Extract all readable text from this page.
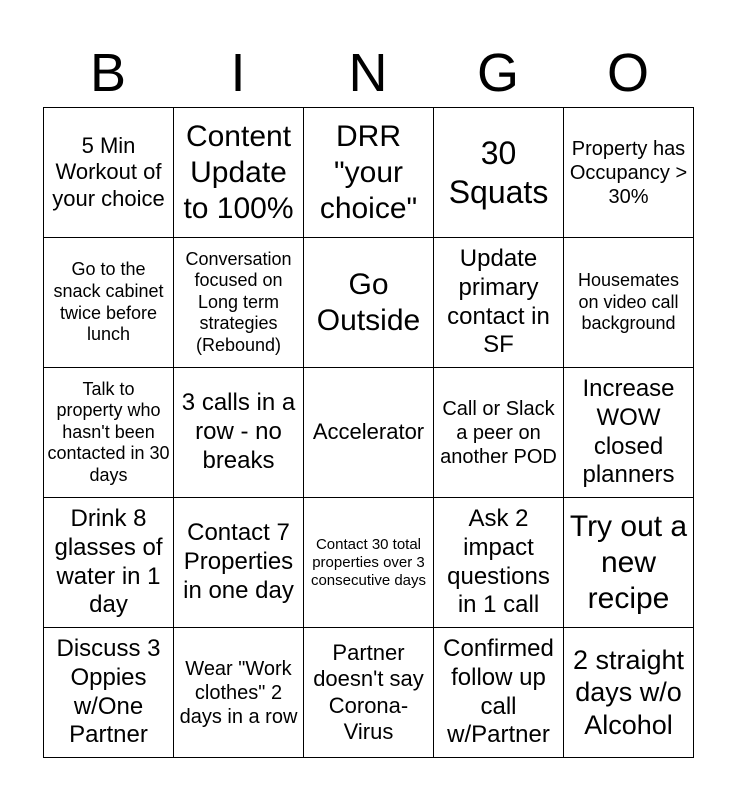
B	I	N	G	O
5 Min Workout of your choice	Content Update to 100%	DRR "your choice"	30 Squats	Property has Occupancy > 30%
Go to the snack cabinet twice before lunch	Conversation focused on Long term strategies (Rebound)	Go Outside	Update primary contact in SF	Housemates on video call background
Talk to property who hasn't been contacted in 30 days	3 calls in a row - no breaks	Accelerator	Call or Slack a peer on another POD	Increase WOW closed planners
Drink 8 glasses of water in 1 day	Contact 7 Properties in one day	Contact 30 total properties over 3 consecutive days	Ask 2 impact questions in 1 call	Try out a new recipe
Discuss 3 Oppies w/One Partner	Wear "Work clothes" 2 days in a row	Partner doesn't say Corona-Virus	Confirmed follow up call w/Partner	2 straight days w/o Alcohol
